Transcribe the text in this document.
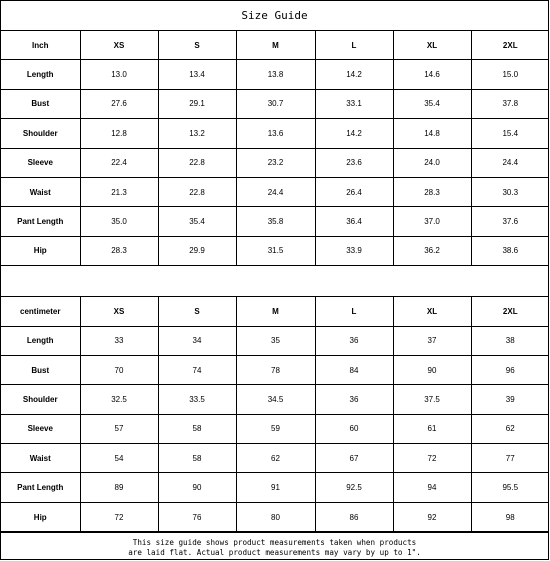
Size Guide
Inch	XS	S	M	L	XL	2XL
Length	13.0	13.4	13.8	14.2	14.6	15.0
Bust	27.6	29.1	30.7	33.1	35.4	37.8
Shoulder	12.8	13.2	13.6	14.2	14.8	15.4
Sleeve	22.4	22.8	23.2	23.6	24.0	24.4
Waist	21.3	22.8	24.4	26.4	28.3	30.3
Pant Length	35.0	35.4	35.8	36.4	37.0	37.6
Hip	28.3	29.9	31.5	33.9	36.2	38.6
centimeter	XS	S	M	L	XL	2XL
Length	33	34	35	36	37	38
Bust	70	74	78	84	90	96
Shoulder	32.5	33.5	34.5	36	37.5	39
Sleeve	57	58	59	60	61	62
Waist	54	58	62	67	72	77
Pant Length	89	90	91	92.5	94	95.5
Hip	72	76	80	86	92	98
This size guide shows product measurements taken when products
are laid flat. Actual product measurements may vary by up to 1".
